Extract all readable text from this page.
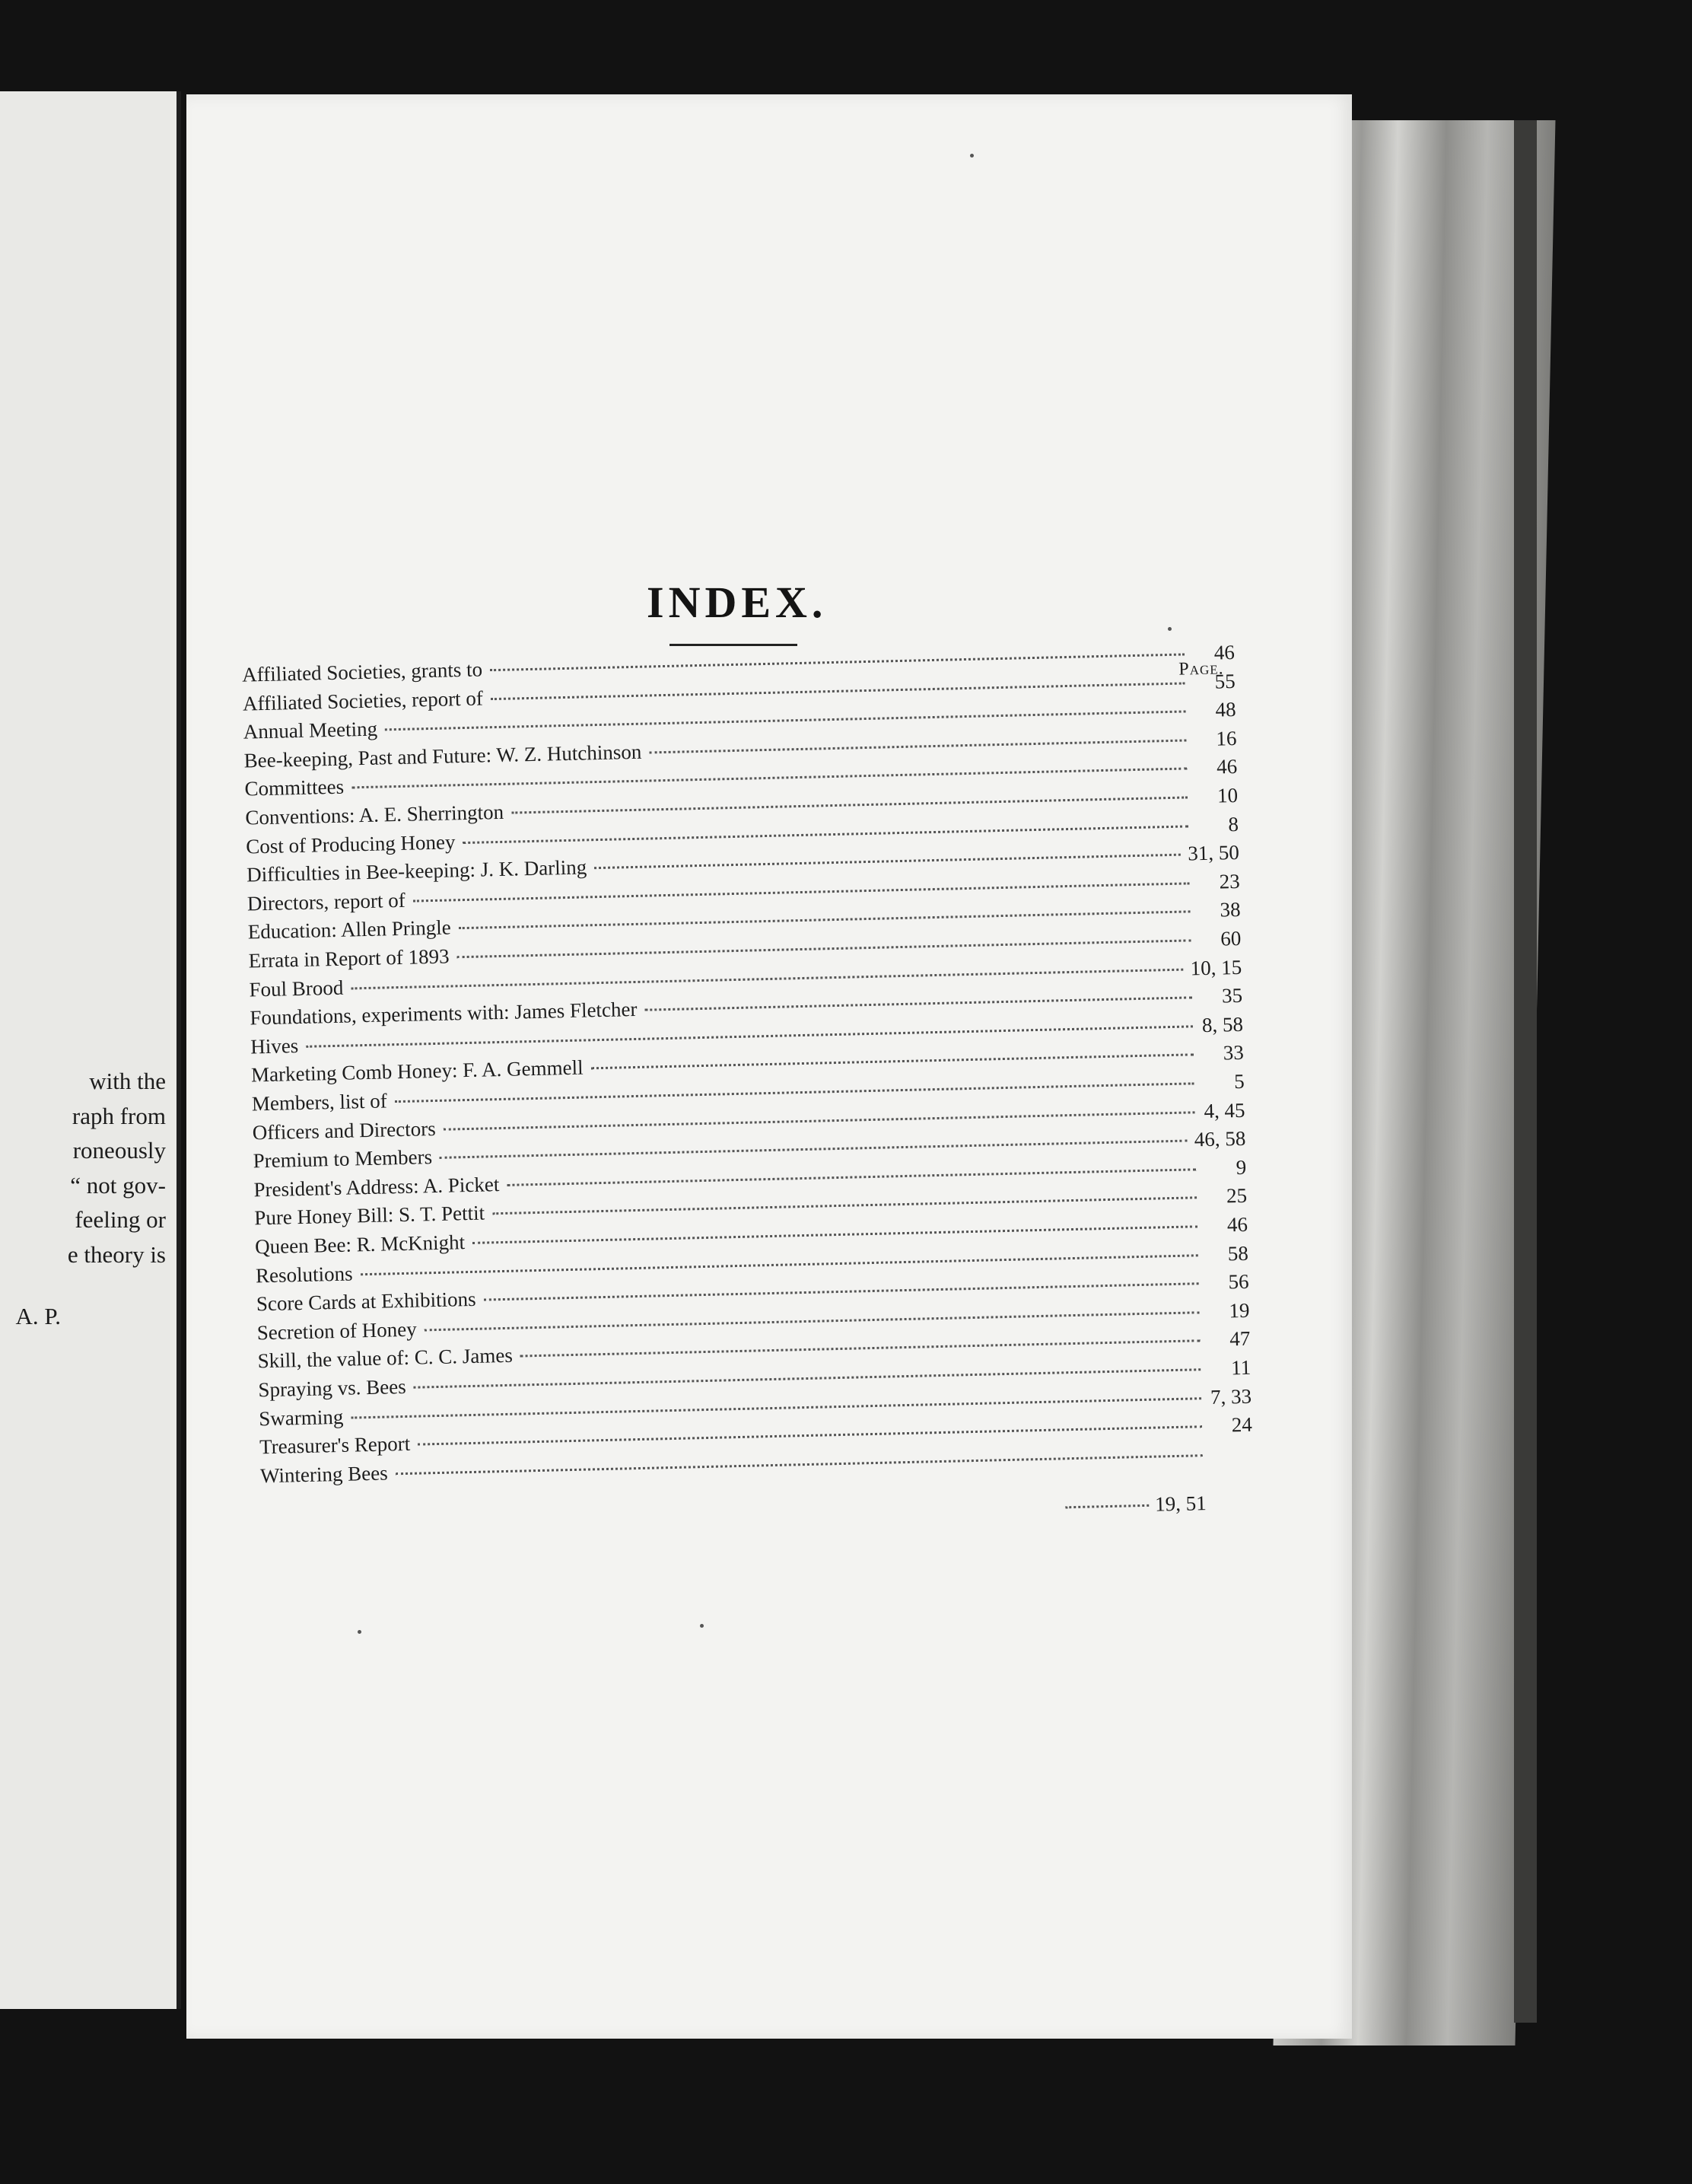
with the
raph from
roneously
“ not gov-
feeling or
e theory is
A. P.
INDEX.
Page.
Affiliated Societies, grants to
46
Affiliated Societies, report of
55
Annual Meeting
48
Bee-keeping, Past and Future: W. Z. Hutchinson
16
Committees
46
Conventions: A. E. Sherrington
10
Cost of Producing Honey
8
Difficulties in Bee-keeping: J. K. Darling
31, 50
Directors, report of
23
Education: Allen Pringle
38
Errata in Report of 1893
60
Foul Brood
10, 15
Foundations, experiments with: James Fletcher
35
Hives
8, 58
Marketing Comb Honey: F. A. Gemmell
33
Members, list of
5
Officers and Directors
4, 45
Premium to Members
46, 58
President's Address: A. Picket
9
Pure Honey Bill: S. T. Pettit
25
Queen Bee: R. McKnight
46
Resolutions
58
Score Cards at Exhibitions
56
Secretion of Honey
19
Skill, the value of: C. C. James
47
Spraying vs. Bees
11
Swarming
7, 33
Treasurer's Report
24
Wintering Bees
19, 51
